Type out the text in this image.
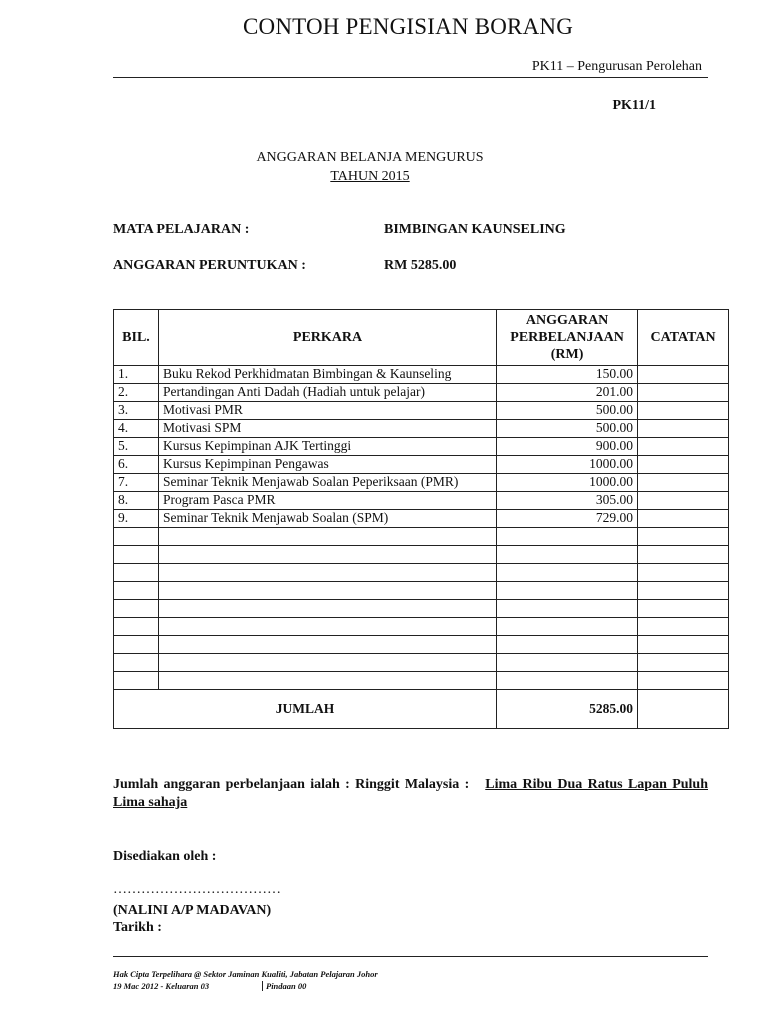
CONTOH PENGISIAN BORANG
PK11 – Pengurusan Perolehan
PK11/1
ANGGARAN BELANJA MENGURUS
TAHUN 2015
MATA PELAJARAN :	BIMBINGAN KAUNSELING
ANGGARAN PERUNTUKAN :	RM 5285.00
BIL.	PERKARA	ANGGARAN PERBELANJAAN (RM)	CATATAN
1.	Buku Rekod Perkhidmatan Bimbingan & Kaunseling	150.00	
2.	Pertandingan Anti Dadah (Hadiah untuk pelajar)	201.00	
3.	Motivasi PMR	500.00	
4.	Motivasi SPM	500.00	
5.	Kursus Kepimpinan AJK Tertinggi	900.00	
6.	Kursus Kepimpinan Pengawas	1000.00	
7.	Seminar Teknik Menjawab Soalan Peperiksaan (PMR)	1000.00	
8.	Program Pasca PMR	305.00	
9.	Seminar Teknik Menjawab Soalan (SPM)	729.00	

JUMLAH		5285.00	
Jumlah anggaran perbelanjaan ialah : Ringgit Malaysia : Lima Ribu Dua Ratus Lapan Puluh Lima sahaja
Disediakan oleh :
………………………………
(NALINI A/P MADAVAN)
Tarikh :
Hak Cipta Terpelihara @ Sektor Jaminan Kualiti, Jabatan Pelajaran Johor
19 Mac 2012 - Keluaran 03	Pindaan 00
